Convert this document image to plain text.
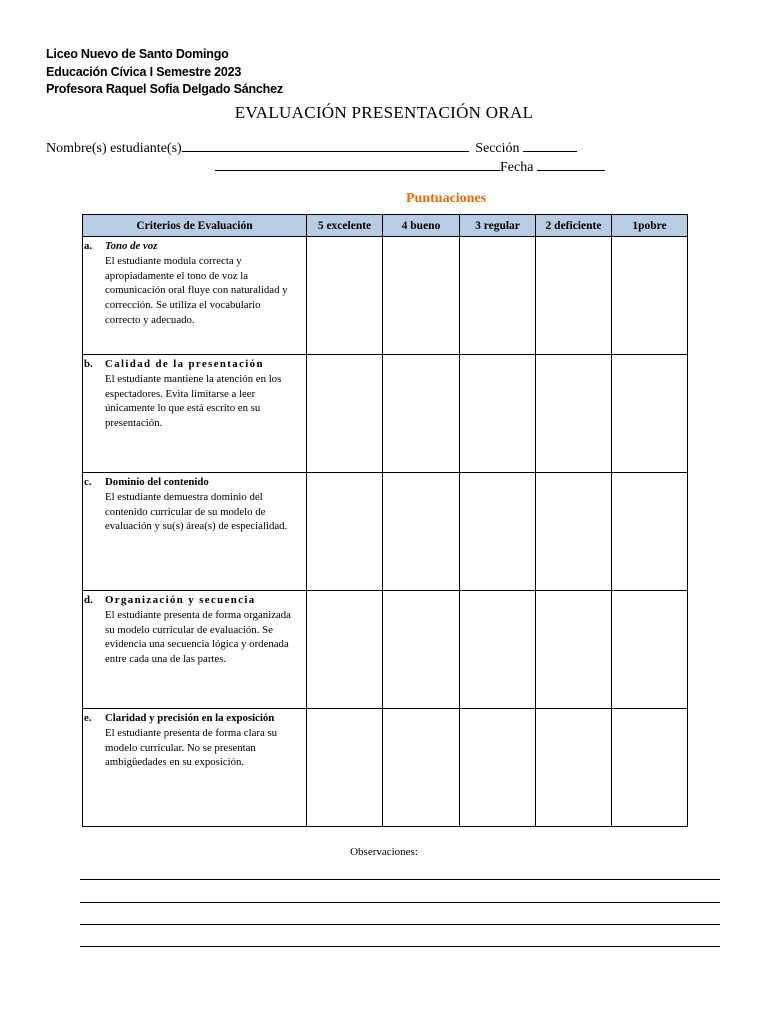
Liceo Nuevo de Santo Domingo
Educación Cívica I Semestre 2023
Profesora Raquel Sofia Delgado Sánchez
EVALUACIÓN PRESENTACIÓN ORAL
Nombre(s) estudiante(s)	Sección
Fecha
Puntuaciones
Criterios de Evaluación	5 excelente	4 bueno	3 regular	2 deficiente	1pobre

a. Tono de voz
El estudiante modula correcta y apropiadamente el tono de voz la comunicación oral fluye con naturalidad y corrección. Se utiliza el vocabulario correcto y adecuado.					

b. Calidad de la presentación
El estudiante mantiene la atención en los espectadores. Evita limitarse a leer únicamente lo que está escrito en su presentación.					

c. Dominio del contenido
El estudiante demuestra dominio del contenido curricular de su modelo de evaluación y su(s) área(s) de especialidad.					

d. Organización y secuencia
El estudiante presenta de forma organizada su modelo curricular de evaluación. Se evidencia una secuencia lógica y ordenada entre cada una de las partes.					

e. Claridad y precisión en la exposición
El estudiante presenta de forma clara su modelo curricular. No se presentan ambigüedades en su exposición.					

Observaciones:
